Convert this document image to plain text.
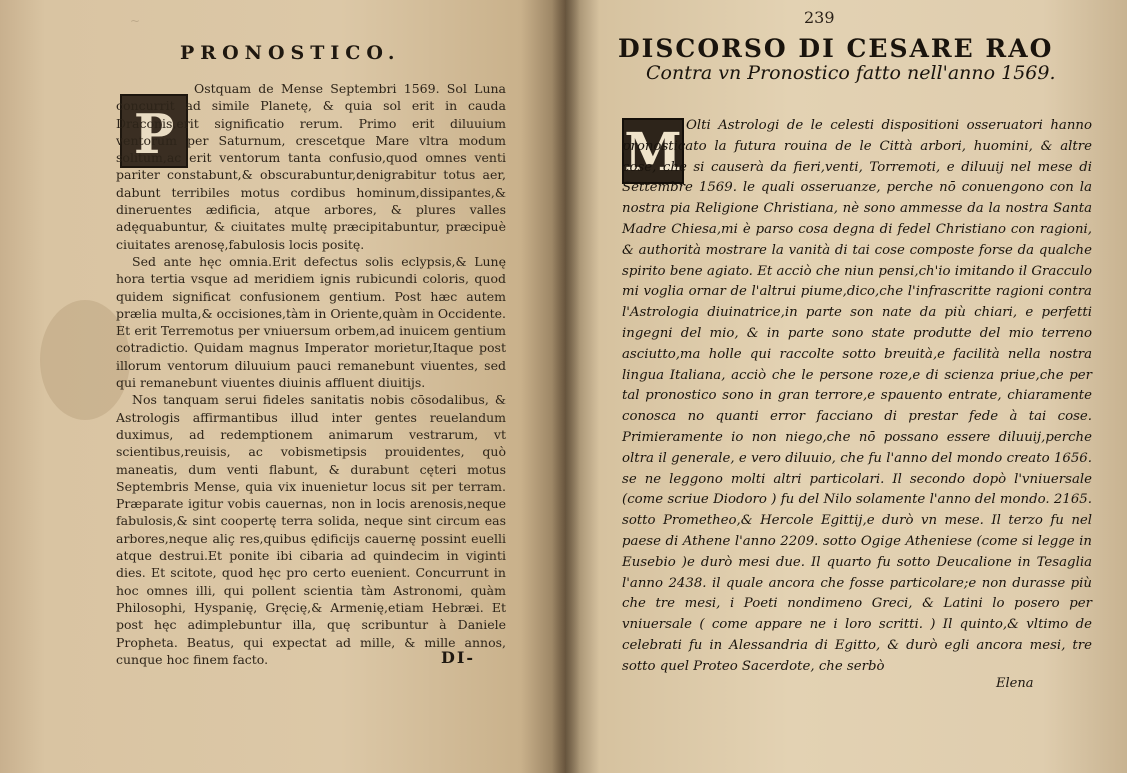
~
PRONOSTICO.
P

Ostquam de Mense Septembri 1569. Sol Luna concurrit ad simile Planetę, & quia sol erit in cauda Draconis,erit significatio rerum. Primo erit diluuium ventorum per Saturnum, crescetque Mare vltra modum solitum,ac erit ventorum tanta confusio,quod omnes venti pariter constabunt,& obscurabuntur,denigrabitur totus aer, dabunt terribiles motus cordibus hominum,dissipantes,& dineruentes ædificia, atque arbores, & plures valles adęquabuntur, & ciuitates multę præcipitabuntur, præcipuè ciuitates arenosę,fabulosis locis positę.

Sed ante hęc omnia.Erit defectus solis eclypsis,& Lunę hora tertia vsque ad meridiem ignis rubicundi coloris, quod quidem significat confusionem gentium. Post hæc autem prælia multa,& occisiones,tàm in Oriente,quàm in Occidente. Et erit Terremotus per vniuersum orbem,ad inuicem gentium cotradictio. Quidam magnus Imperator morietur,Itaque post illorum ventorum diluuium pauci remanebunt viuentes, sed qui remanebunt viuentes diuinis affluent diuitijs.

Nos tanquam serui fideles sanitatis nobis cōsodalibus, & Astrologis affirmantibus illud inter gentes reuelandum duximus, ad redemptionem animarum vestrarum, vt scientibus,reuisis, ac vobismetipsis prouidentes, quò maneatis, dum venti flabunt, & durabunt cęteri motus Septembris Mense, quia vix inuenietur locus sit per terram. Præparate igitur vobis cauernas, non in locis arenosis,neque fabulosis,& sint coopertę terra solida, neque sint circum eas arbores,neque aliç res,quibus ędificijs cauernę possint euelli atque destrui.Et ponite ibi cibaria ad quindecim in viginti dies. Et scitote, quod hęc pro certo euenient. Concurrunt in hoc omnes illi, qui pollent scientia tàm Astronomi, quàm Philosophi, Hyspanię, Gręcię,& Armenię,etiam Hebræi. Et post hęc adimplebuntur illa, quę scribuntur à Daniele Propheta. Beatus, qui expectat ad mille, & mille annos, cunque hoc finem facto.	DI-
239
DISCORSO DI CESARE RAO
Contra vn Pronostico fatto nell'anno 1569.
M Olti Astrologi de le celesti dispositioni osseruatori hanno pronosticato la futura rouina de le Città arbori, huomini, & altre cose, che si causerà da fieri,venti, Torremoti, e diluuij nel mese di Settembre 1569. le quali osseruanze, perche nō conuengono con la nostra pia Religione Christiana, nè sono ammesse da la nostra Santa Madre Chiesa,mi è parso cosa degna di fedel Christiano con ragioni, & authorità mostrare la vanità di tai cose composte forse da qualche spirito bene agiato. Et acciò che niun pensi,ch'io imitando il Gracculo mi voglia ornar de l'altrui piume,dico,che l'infrascritte ragioni contra l'Astrologia diuinatrice,in parte son nate da più chiari, e perfetti ingegni del mio, & in parte sono state produtte del mio terreno asciutto,ma holle qui raccolte sotto breuità,e facilità nella nostra lingua Italiana, acciò che le persone roze,e di scienza priue,che per tal pronostico sono in gran terrore,e spauento entrate, chiaramente conosca no quanti error facciano di prestar fede à tai cose. Primieramente io non niego,che nō possano essere diluuij,perche oltra il generale, e vero diluuio, che fu l'anno del mondo creato 1656. se ne leggono molti altri particolari. Il secondo dopò l'vniuersale (come scriue Diodoro ) fu del Nilo solamente l'anno del mondo. 2165. sotto Prometheo,& Hercole Egittij,e durò vn mese. Il terzo fu nel paese di Athene l'anno 2209. sotto Ogige Atheniese (come si legge in Eusebio )e durò mesi due. Il quarto fu sotto Deucalione in Tesaglia l'anno 2438. il quale ancora che fosse particolare;e non durasse più che tre mesi, i Poeti nondimeno Greci, & Latini lo posero per vniuersale ( come appare ne i loro scritti. ) Il quinto,& vltimo de celebrati fu in Alessandria di Egitto, & durò egli ancora mesi, tre sotto quel Proteo Sacerdote, che serbò

Elena
